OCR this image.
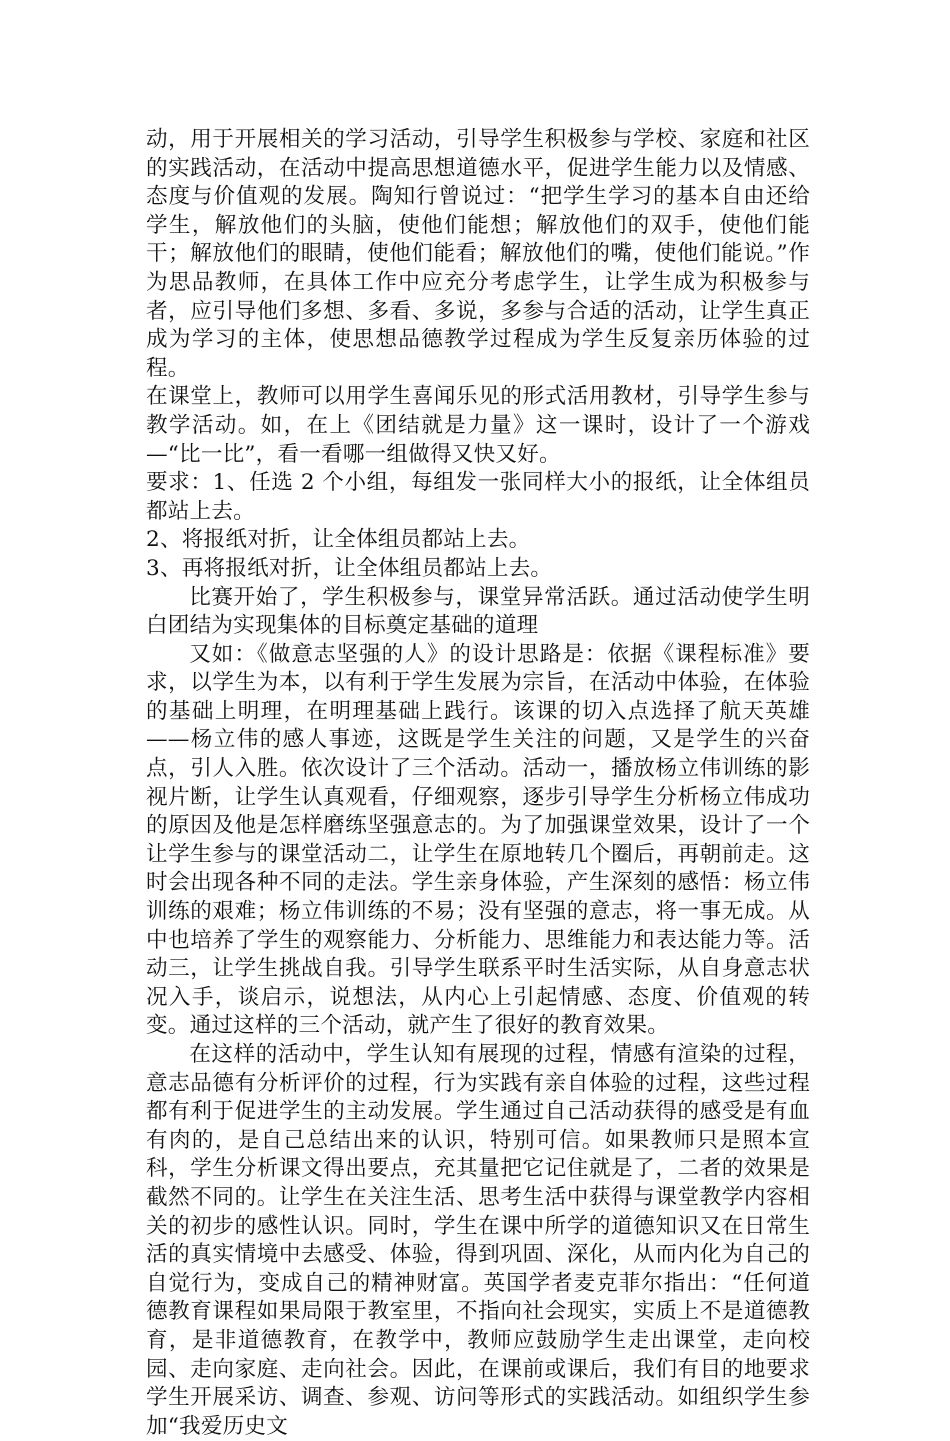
动，用于开展相关的学习活动，引导学生积极参与学校、家庭和社区的实践活动，在活动中提高思想道德水平，促进学生能力以及情感、态度与价值观的发展。陶知行曾说过：“把学生学习的基本自由还给学生，解放他们的头脑，使他们能想；解放他们的双手，使他们能干；解放他们的眼睛，使他们能看；解放他们的嘴，使他们能说。”作为思品教师，在具体工作中应充分考虑学生，让学生成为积极参与者，应引导他们多想、多看、多说，多参与合适的活动，让学生真正成为学习的主体，使思想品德教学过程成为学生反复亲历体验的过程。

在课堂上，教师可以用学生喜闻乐见的形式活用教材，引导学生参与教学活动。如，在上《团结就是力量》这一课时，设计了一个游戏—“比一比”，看一看哪一组做得又快又好。

要求：1、任选 2 个小组，每组发一张同样大小的报纸，让全体组员都站上去。

2、将报纸对折，让全体组员都站上去。

3、再将报纸对折，让全体组员都站上去。

比赛开始了，学生积极参与，课堂异常活跃。通过活动使学生明白团结为实现集体的目标奠定基础的道理

又如：《做意志坚强的人》的设计思路是：依据《课程标准》要求，以学生为本，以有利于学生发展为宗旨，在活动中体验，在体验的基础上明理，在明理基础上践行。该课的切入点选择了航天英雄——杨立伟的感人事迹，这既是学生关注的问题，又是学生的兴奋点，引人入胜。依次设计了三个活动。活动一，播放杨立伟训练的影视片断，让学生认真观看，仔细观察，逐步引导学生分析杨立伟成功的原因及他是怎样磨练坚强意志的。为了加强课堂效果，设计了一个让学生参与的课堂活动二，让学生在原地转几个圈后，再朝前走。这时会出现各种不同的走法。学生亲身体验，产生深刻的感悟：杨立伟训练的艰难；杨立伟训练的不易；没有坚强的意志，将一事无成。从中也培养了学生的观察能力、分析能力、思维能力和表达能力等。活动三，让学生挑战自我。引导学生联系平时生活实际，从自身意志状况入手，谈启示，说想法，从内心上引起情感、态度、价值观的转变。通过这样的三个活动，就产生了很好的教育效果。

在这样的活动中，学生认知有展现的过程，情感有渲染的过程，意志品德有分析评价的过程，行为实践有亲自体验的过程，这些过程都有利于促进学生的主动发展。学生通过自己活动获得的感受是有血有肉的，是自己总结出来的认识，特别可信。如果教师只是照本宣科，学生分析课文得出要点，充其量把它记住就是了，二者的效果是截然不同的。让学生在关注生活、思考生活中获得与课堂教学内容相关的初步的感性认识。同时，学生在课中所学的道德知识又在日常生活的真实情境中去感受、体验，得到巩固、深化，从而内化为自己的自觉行为，变成自己的精神财富。英国学者麦克菲尔指出：“任何道德教育课程如果局限于教室里，不指向社会现实，实质上不是道德教育，是非道德教育，在教学中，教师应鼓励学生走出课堂，走向校园、走向家庭、走向社会。因此，在课前或课后，我们有目的地要求学生开展采访、调查、参观、访问等形式的实践活动。如组织学生参加“我爱历史文
